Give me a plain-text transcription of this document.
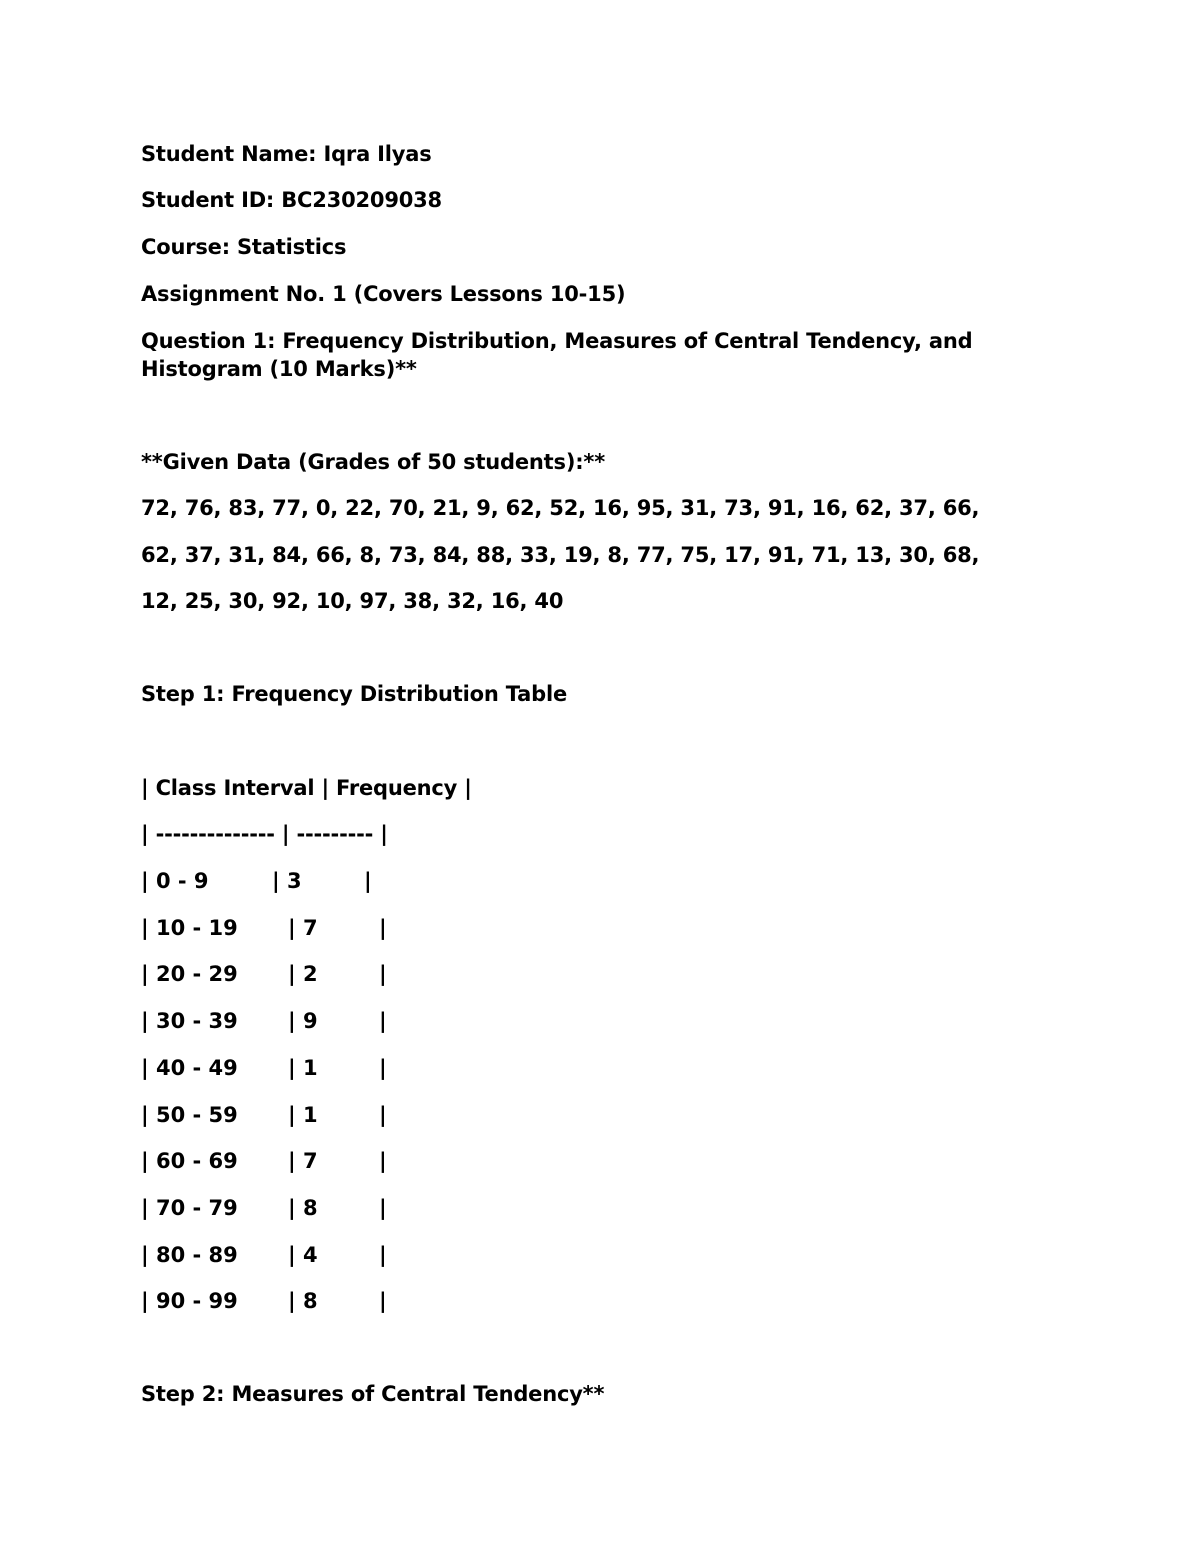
Student Name: Iqra Ilyas
Student ID: BC230209038
Course: Statistics
Assignment No. 1 (Covers Lessons 10-15)
Question 1: Frequency Distribution, Measures of Central Tendency, and
Histogram (10 Marks)**
**Given Data (Grades of 50 students):**
72, 76, 83, 77, 0, 22, 70, 21, 9, 62, 52, 16, 95, 31, 73, 91, 16, 62, 37, 66,
62, 37, 31, 84, 66, 8, 73, 84, 88, 33, 19, 8, 77, 75, 17, 91, 71, 13, 30, 68,
12, 25, 30, 92, 10, 97, 38, 32, 16, 40
Step 1: Frequency Distribution Table
| Class Interval | Frequency |
| -------------- | --------- |
| 0 - 9	| 3	|
| 10 - 19 | 7	|
| 20 - 29 | 2	|
| 30 - 39 | 9	|
| 40 - 49 | 1	|
| 50 - 59 | 1	|
| 60 - 69 | 7	|
| 70 - 79 | 8	|
| 80 - 89 | 4	|
| 90 - 99 | 8	|
Step 2: Measures of Central Tendency**
